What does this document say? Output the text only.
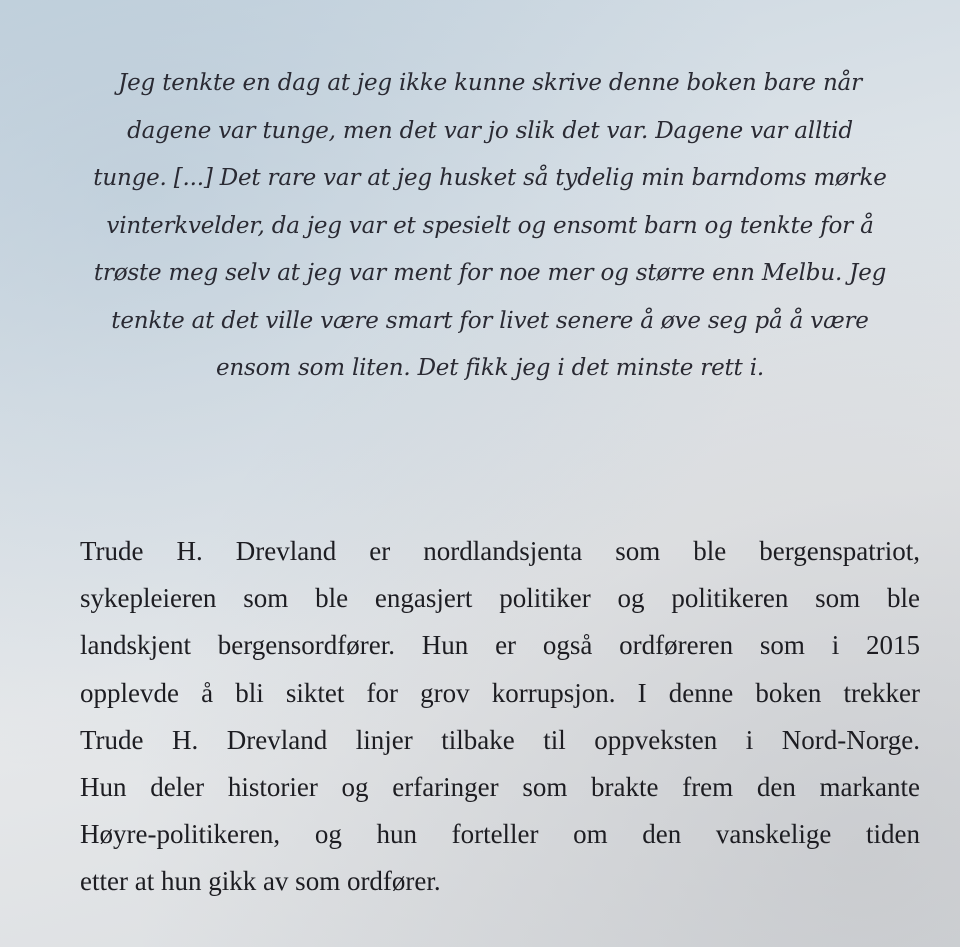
Jeg tenkte en dag at jeg ikke kunne skrive denne boken bare når
dagene var tunge, men det var jo slik det var. Dagene var alltid
tunge. [...] Det rare var at jeg husket så tydelig min barndoms mørke
vinterkvelder, da jeg var et spesielt og ensomt barn og tenkte for å
trøste meg selv at jeg var ment for noe mer og større enn Melbu. Jeg
tenkte at det ville være smart for livet senere å øve seg på å være
ensom som liten. Det fikk jeg i det minste rett i.
Trude H. Drevland er nordlandsjenta som ble bergenspatriot,
sykepleieren som ble engasjert politiker og politikeren som ble
landskjent bergensordfører. Hun er også ordføreren som i 2015
opplevde å bli siktet for grov korrupsjon. I denne boken trekker
Trude H. Drevland linjer tilbake til oppveksten i Nord-Norge.
Hun deler historier og erfaringer som brakte frem den markante
Høyre-politikeren, og hun forteller om den vanskelige tiden
etter at hun gikk av som ordfører.
